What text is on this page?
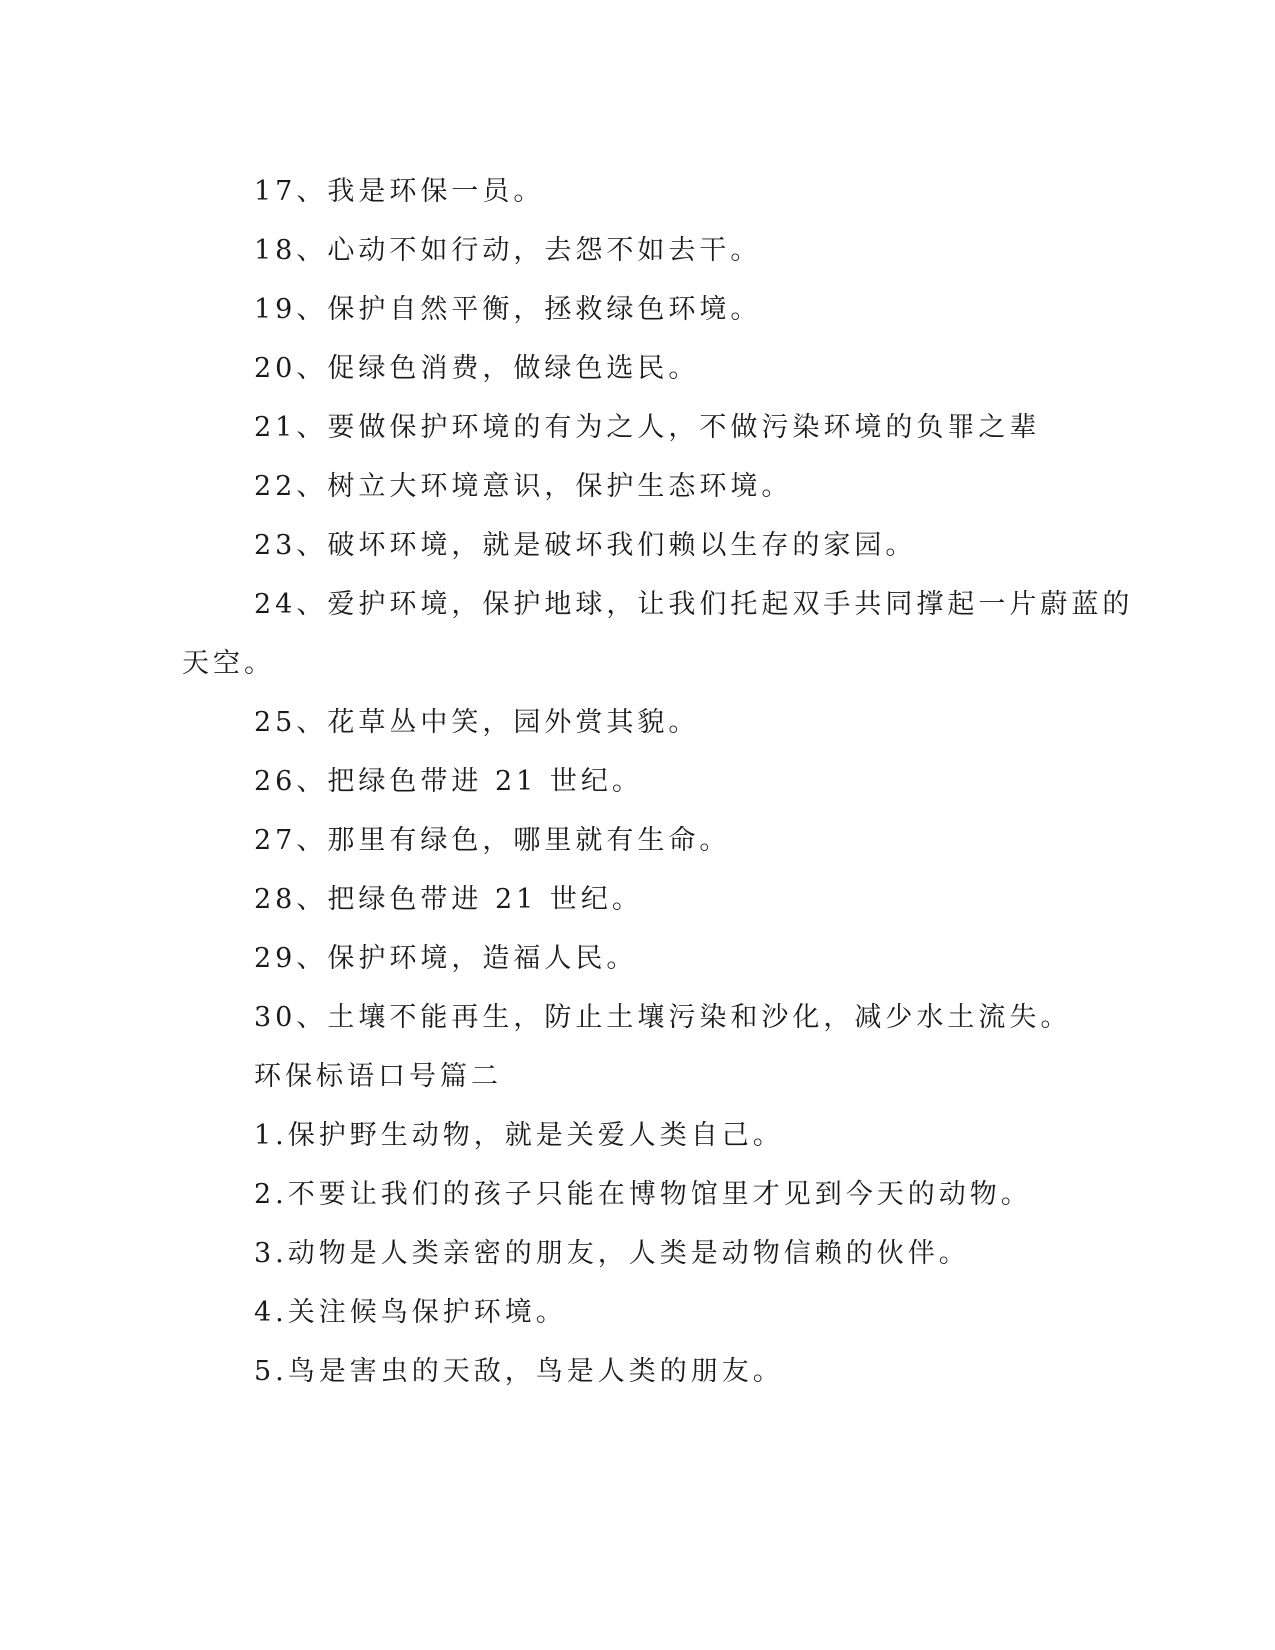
17、我是环保一员。
18、心动不如行动，去怨不如去干。
19、保护自然平衡，拯救绿色环境。
20、促绿色消费，做绿色选民。
21、要做保护环境的有为之人，不做污染环境的负罪之辈
22、树立大环境意识，保护生态环境。
23、破坏环境，就是破坏我们赖以生存的家园。
24、爱护环境，保护地球，让我们托起双手共同撑起一片蔚蓝的
天空。
25、花草丛中笑，园外赏其貌。
26、把绿色带进 21 世纪。
27、那里有绿色，哪里就有生命。
28、把绿色带进 21 世纪。
29、保护环境，造福人民。
30、土壤不能再生，防止土壤污染和沙化，减少水土流失。
环保标语口号篇二
1.保护野生动物，就是关爱人类自己。
2.不要让我们的孩子只能在博物馆里才见到今天的动物。
3.动物是人类亲密的朋友，人类是动物信赖的伙伴。
4.关注候鸟保护环境。
5.鸟是害虫的天敌，鸟是人类的朋友。
